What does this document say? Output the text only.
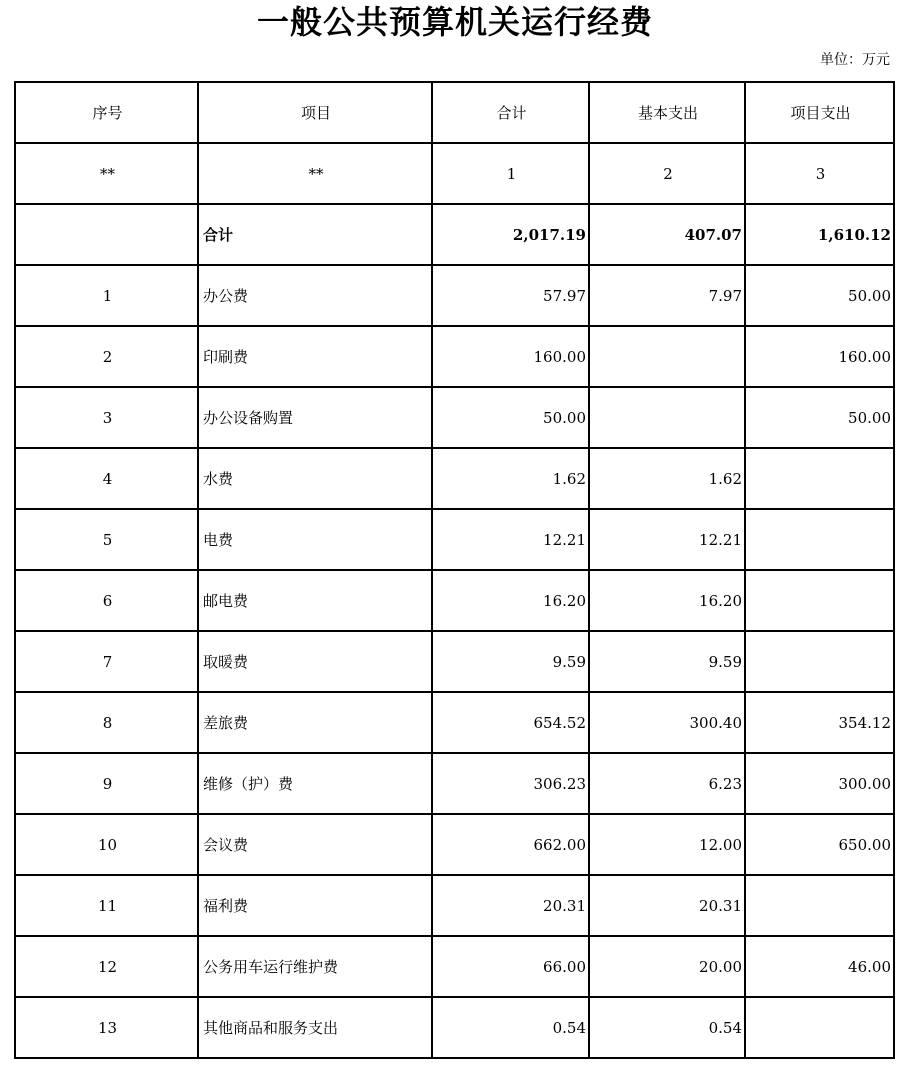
一般公共预算机关运行经费
单位：万元
序号	项目	合计	基本支出	项目支出
**	**	1	2	3
	合计	2,017.19	407.07	1,610.12
1	办公费	57.97	7.97	50.00
2	印刷费	160.00		160.00
3	办公设备购置	50.00		50.00
4	水费	1.62	1.62	
5	电费	12.21	12.21	
6	邮电费	16.20	16.20	
7	取暖费	9.59	9.59	
8	差旅费	654.52	300.40	354.12
9	维修（护）费	306.23	6.23	300.00
10	会议费	662.00	12.00	650.00
11	福利费	20.31	20.31	
12	公务用车运行维护费	66.00	20.00	46.00
13	其他商品和服务支出	0.54	0.54	
